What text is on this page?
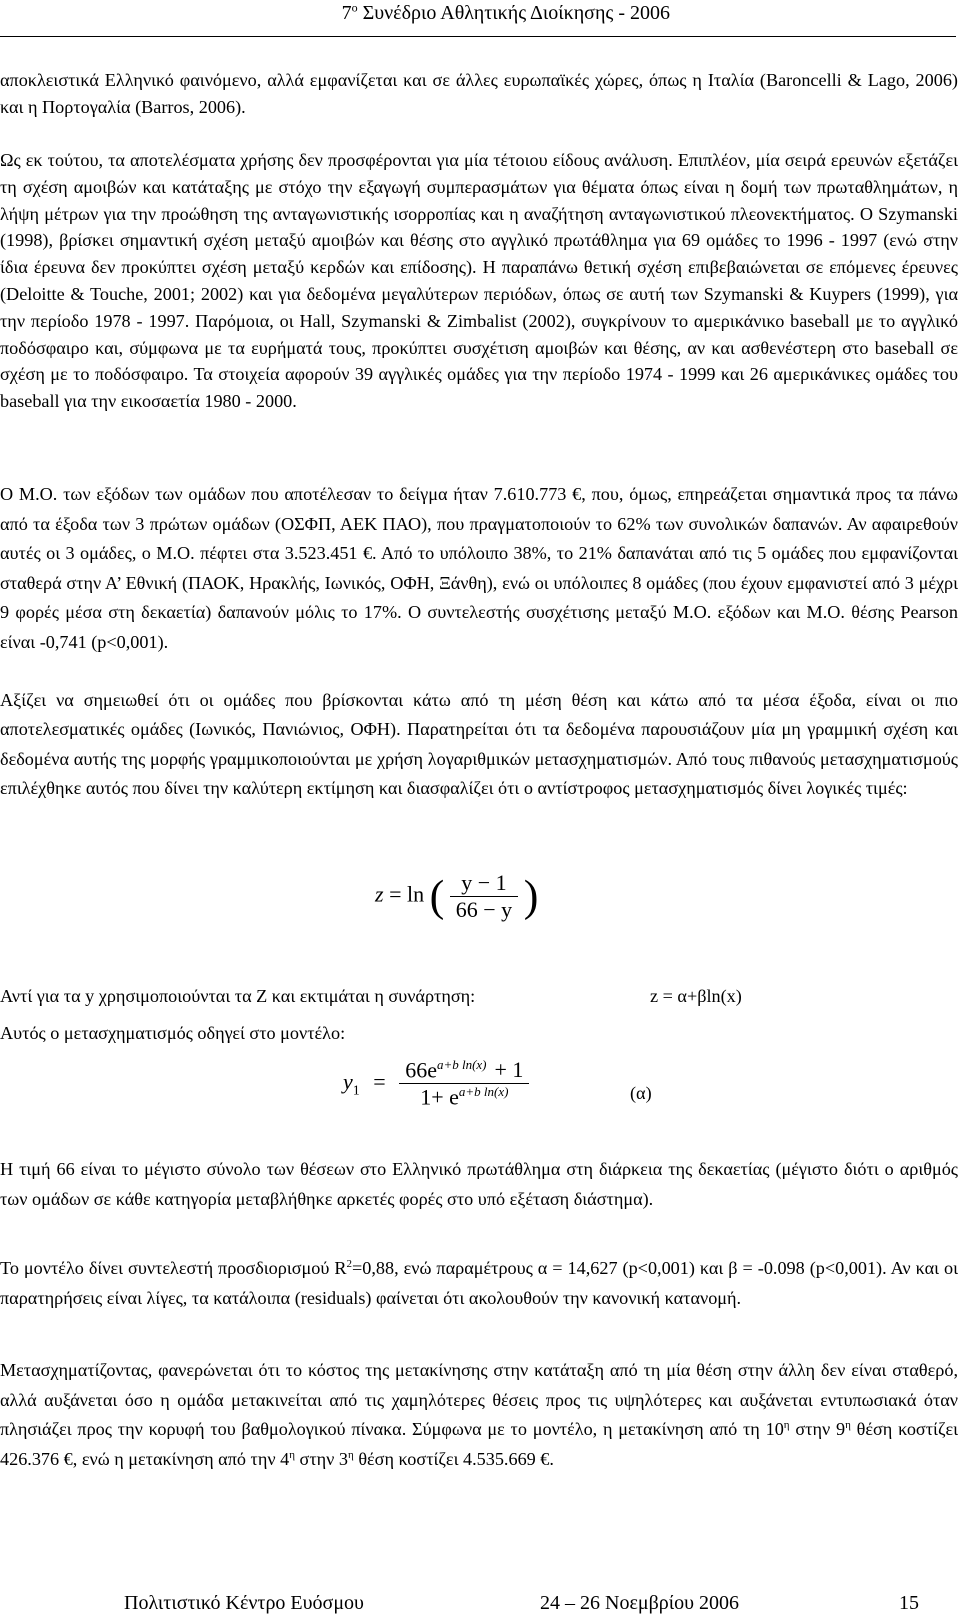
$7^o$ Συνέδριο Αθλητικής Διοίκησης - 2006
αποκλειστικά Ελληνικό φαινόμενο, αλλά εμφανίζεται και σε άλλες ευρωπαϊκές χώρες, όπως η Ιταλία (Baroncelli & Lago, 2006) και η Πορτογαλία (Barros, 2006).
Ως εκ τούτου, τα αποτελέσματα χρήσης δεν προσφέρονται για μία τέτοιου είδους ανάλυση. Επιπλέον, μία σειρά ερευνών εξετάζει τη σχέση αμοιβών και κατάταξης με στόχο την εξαγωγή συμπερασμάτων για θέματα όπως είναι η δομή των πρωταθλημάτων, η λήψη μέτρων για την προώθηση της ανταγωνιστικής ισορροπίας και η αναζήτηση ανταγωνιστικού πλεονεκτήματος. Ο Szymanski (1998), βρίσκει σημαντική σχέση μεταξύ αμοιβών και θέσης στο αγγλικό πρωτάθλημα για 69 ομάδες το 1996 - 1997 (ενώ στην ίδια έρευνα δεν προκύπτει σχέση μεταξύ κερδών και επίδοσης). Η παραπάνω θετική σχέση επιβεβαιώνεται σε επόμενες έρευνες (Deloitte & Touche, 2001; 2002) και για δεδομένα μεγαλύτερων περιόδων, όπως σε αυτή των Szymanski & Kuypers (1999), για την περίοδο 1978 - 1997. Παρόμοια, οι Hall, Szymanski & Zimbalist (2002), συγκρίνουν το αμερικάνικο baseball με το αγγλικό ποδόσφαιρο και, σύμφωνα με τα ευρήματά τους, προκύπτει συσχέτιση αμοιβών και θέσης, αν και ασθενέστερη στο baseball σε σχέση με το ποδόσφαιρο. Τα στοιχεία αφορούν 39 αγγλικές ομάδες για την περίοδο 1974 - 1999 και 26 αμερικάνικες ομάδες του baseball για την εικοσαετία 1980 - 2000.
Ο Μ.Ο. των εξόδων των ομάδων που αποτέλεσαν το δείγμα ήταν 7.610.773 €, που, όμως, επηρεάζεται σημαντικά προς τα πάνω από τα έξοδα των 3 πρώτων ομάδων (ΟΣΦΠ, ΑΕΚ ΠΑΟ), που πραγματοποιούν το 62% των συνολικών δαπανών. Αν αφαιρεθούν αυτές οι 3 ομάδες, ο Μ.Ο. πέφτει στα 3.523.451 €. Από το υπόλοιπο 38%, το 21% δαπανάται από τις 5 ομάδες που εμφανίζονται σταθερά στην Α’ Εθνική (ΠΑΟΚ, Ηρακλής, Ιωνικός, ΟΦΗ, Ξάνθη), ενώ οι υπόλοιπες 8 ομάδες (που έχουν εμφανιστεί από 3 μέχρι 9 φορές μέσα στη δεκαετία) δαπανούν μόλις το 17%. Ο συντελεστής συσχέτισης μεταξύ Μ.Ο. εξόδων και Μ.Ο. θέσης Pearson είναι -0,741 (p<0,001).
Αξίζει να σημειωθεί ότι οι ομάδες που βρίσκονται κάτω από τη μέση θέση και κάτω από τα μέσα έξοδα, είναι οι πιο αποτελεσματικές ομάδες (Ιωνικός, Πανιώνιος, ΟΦΗ). Παρατηρείται ότι τα δεδομένα παρουσιάζουν μία μη γραμμική σχέση και δεδομένα αυτής της μορφής γραμμικοποιούνται με χρήση λογαριθμικών μετασχηματισμών. Από τους πιθανούς μετασχηματισμούς επιλέχθηκε αυτός που δίνει την καλύτερη εκτίμηση και διασφαλίζει ότι ο αντίστροφος μετασχηματισμός δίνει λογικές τιμές:
z = ln ( $\frac{y - 1}{66 - y}$ )
Αντί για τα y χρησιμοποιούνται τα Z και εκτιμάται η συνάρτηση:	z = α+βln(x)
Αυτός ο μετασχηματισμός οδηγεί στο μοντέλο:
$y_1 = \frac{66e^{a+b ln(x)} + 1}{1+ e^{a+b ln(x)}}$	(α)
Η τιμή 66 είναι το μέγιστο σύνολο των θέσεων στο Ελληνικό πρωτάθλημα στη διάρκεια της δεκαετίας (μέγιστο διότι ο αριθμός των ομάδων σε κάθε κατηγορία μεταβλήθηκε αρκετές φορές στο υπό εξέταση διάστημα).
Το μοντέλο δίνει συντελεστή προσδιορισμού $R^2=0,88$, ενώ παραμέτρους α = 14,627 (p<0,001) και β = -0.098 (p<0,001). Αν και οι παρατηρήσεις είναι λίγες, τα κατάλοιπα (residuals) φαίνεται ότι ακολουθούν την κανονική κατανομή.
Μετασχηματίζοντας, φανερώνεται ότι το κόστος της μετακίνησης στην κατάταξη από τη μία θέση στην άλλη δεν είναι σταθερό, αλλά αυξάνεται όσο η ομάδα μετακινείται από τις χαμηλότερες θέσεις προς τις υψηλότερες και αυξάνεται εντυπωσιακά όταν πλησιάζει προς την κορυφή του βαθμολογικού πίνακα. Σύμφωνα με το μοντέλο, η μετακίνηση από τη $10^\eta$ στην $9^\eta$ θέση κοστίζει 426.376 €, ενώ η μετακίνηση από την $4^\eta$ στην $3^\eta$ θέση κοστίζει 4.535.669 €.
Πολιτιστικό Κέντρο Ευόσμου	24 – 26 Νοεμβρίου 2006	15
